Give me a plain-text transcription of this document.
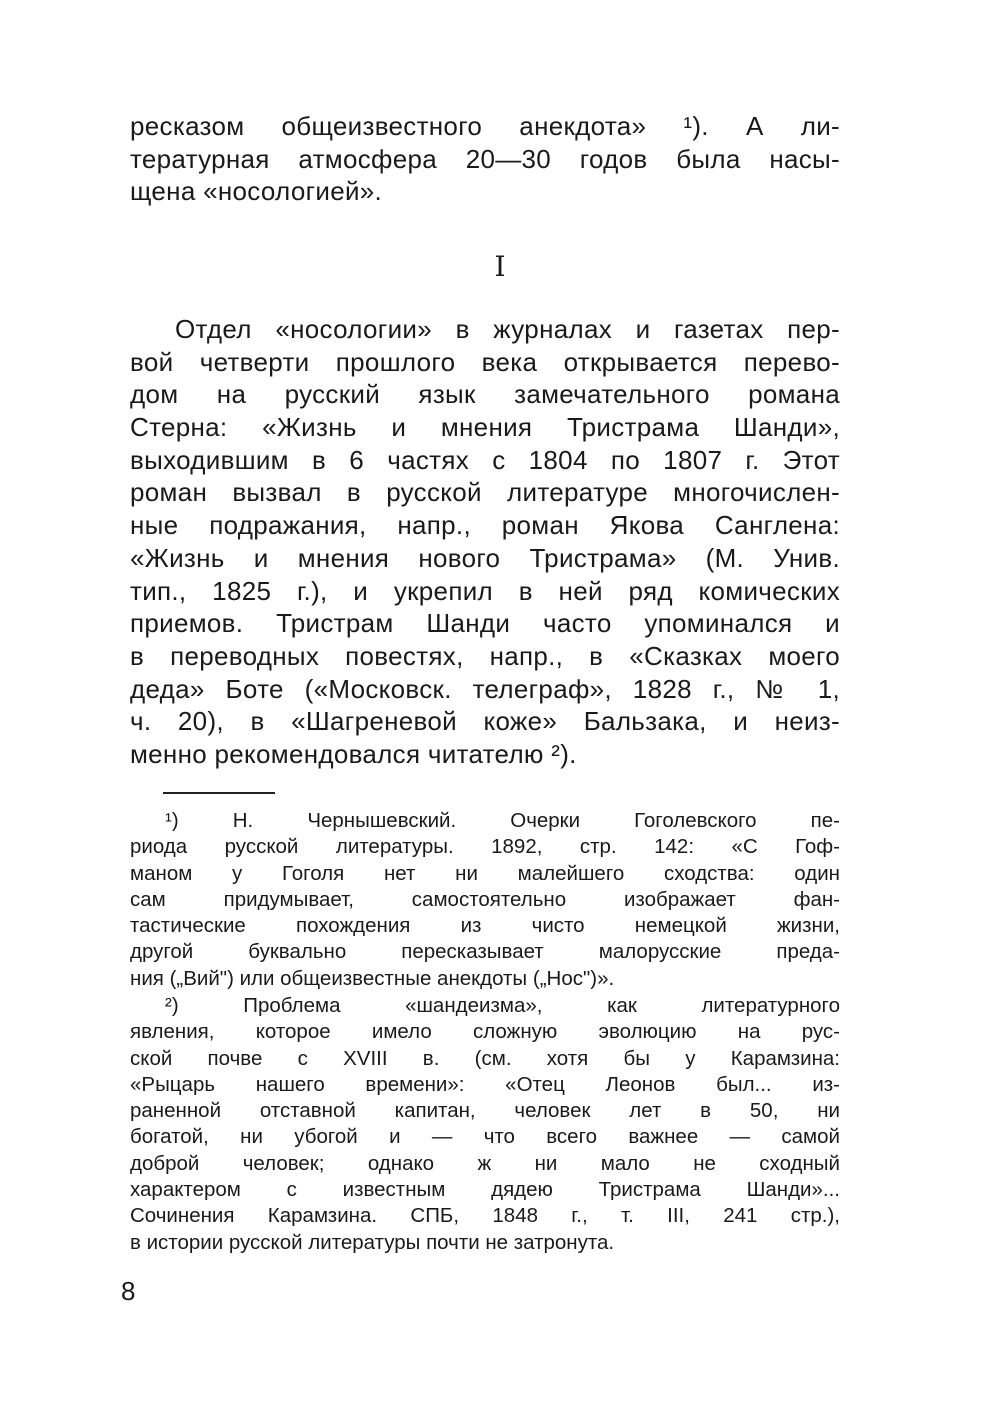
ресказом общеизвестного анекдота» ¹). А ли-
тературная атмосфера 20—30 годов была насы-
щена «носологией».
I
Отдел «носологии» в журналах и газетах пер-
вой четверти прошлого века открывается перево-
дом на русский язык замечательного романа
Стерна: «Жизнь и мнения Тристрама Шанди»,
выходившим в 6 частях с 1804 по 1807 г. Этот
роман вызвал в русской литературе многочислен-
ные подражания, напр., роман Якова Санглена:
«Жизнь и мнения нового Тристрама» (М. Унив.
тип., 1825 г.), и укрепил в ней ряд комических
приемов. Тристрам Шанди часто упоминался и
в переводных повестях, напр., в «Сказках моего
деда» Боте («Московск. телеграф», 1828 г., № 1,
ч. 20), в «Шагреневой коже» Бальзака, и неиз-
менно рекомендовался читателю ²).
¹) Н. Чернышевский. Очерки Гоголевского пе-
риода русской литературы. 1892, стр. 142: «С Гоф-
маном у Гоголя нет ни малейшего сходства: один
сам придумывает, самостоятельно изображает фан-
тастические похождения из чисто немецкой жизни,
другой буквально пересказывает малорусские преда-
ния („Вий") или общеизвестные анекдоты („Нос")».
²) Проблема «шандеизма», как литературного
явления, которое имело сложную эволюцию на рус-
ской почве с XVIII в. (см. хотя бы у Карамзина:
«Рыцарь нашего времени»: «Отец Леонов был... из-
раненной отставной капитан, человек лет в 50, ни
богатой, ни убогой и — что всего важнее — самой
доброй человек; однако ж ни мало не сходный
характером с известным дядею Тристрама Шанди»...
Сочинения Карамзина. СПБ, 1848 г., т. III, 241 стр.),
в истории русской литературы почти не затронута.
8
